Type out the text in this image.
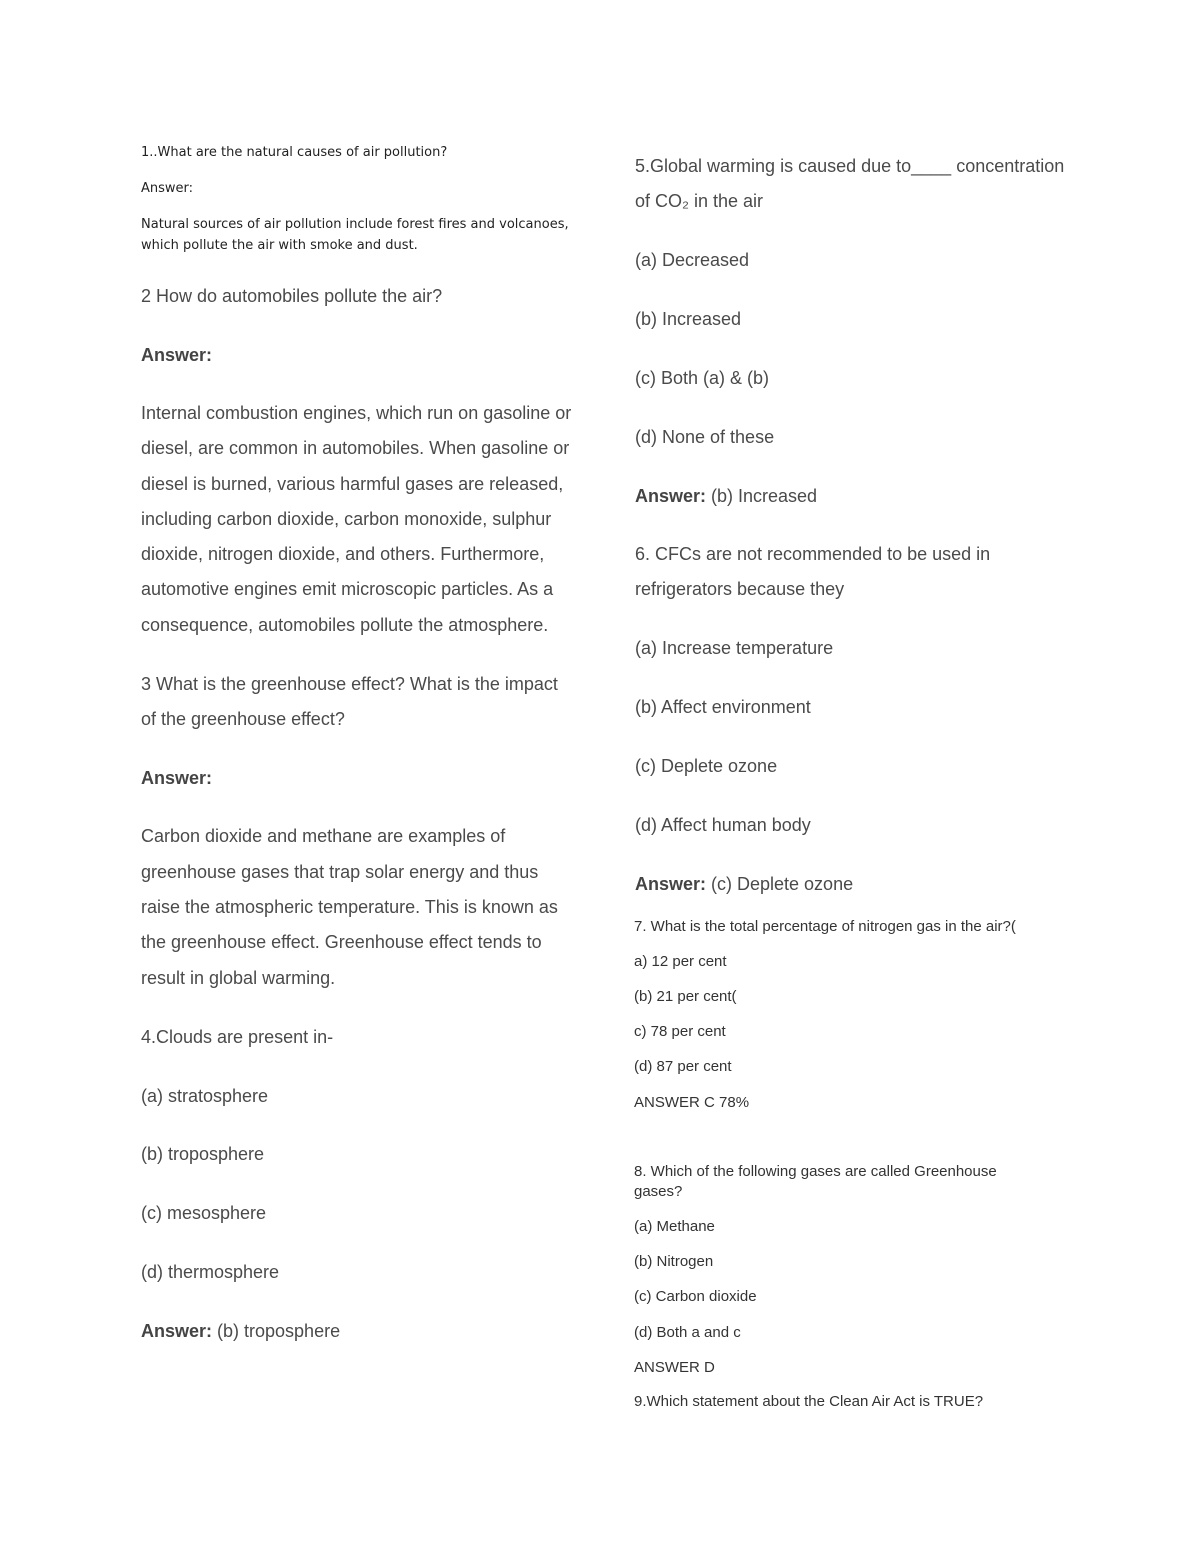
1..What are the natural causes of air pollution?

Answer:

Natural sources of air pollution include forest fires and volcanoes,

which pollute the air with smoke and dust.

2 How do automobiles pollute the air?

Answer:

Internal combustion engines, which run on gasoline or

diesel, are common in automobiles. When gasoline or

diesel is burned, various harmful gases are released,

including carbon dioxide, carbon monoxide, sulphur

dioxide, nitrogen dioxide, and others. Furthermore,

automotive engines emit microscopic particles. As a

consequence, automobiles pollute the atmosphere.

3 What is the greenhouse effect? What is the impact

of the greenhouse effect?

Answer:

Carbon dioxide and methane are examples of

greenhouse gases that trap solar energy and thus

raise the atmospheric temperature. This is known as

the greenhouse effect. Greenhouse effect tends to

result in global warming.

4.Clouds are present in-

(a) stratosphere

(b) troposphere

(c) mesosphere

(d) thermosphere

Answer: (b) troposphere

5.Global warming is caused due to____ concentration

of CO₂ in the air

(a) Decreased

(b) Increased

(c) Both (a) & (b)

(d) None of these

Answer: (b) Increased

6. CFCs are not recommended to be used in

refrigerators because they

(a) Increase temperature

(b) Affect environment

(c) Deplete ozone

(d) Affect human body

Answer: (c) Deplete ozone

7. What is the total percentage of nitrogen gas in the air?(

a) 12 per cent

(b) 21 per cent(

c) 78 per cent

(d) 87 per cent

ANSWER C 78%

8. Which of the following gases are called Greenhouse

gases?

(a) Methane

(b) Nitrogen

(c) Carbon dioxide

(d) Both a and c

ANSWER D

9.Which statement about the Clean Air Act is TRUE?
